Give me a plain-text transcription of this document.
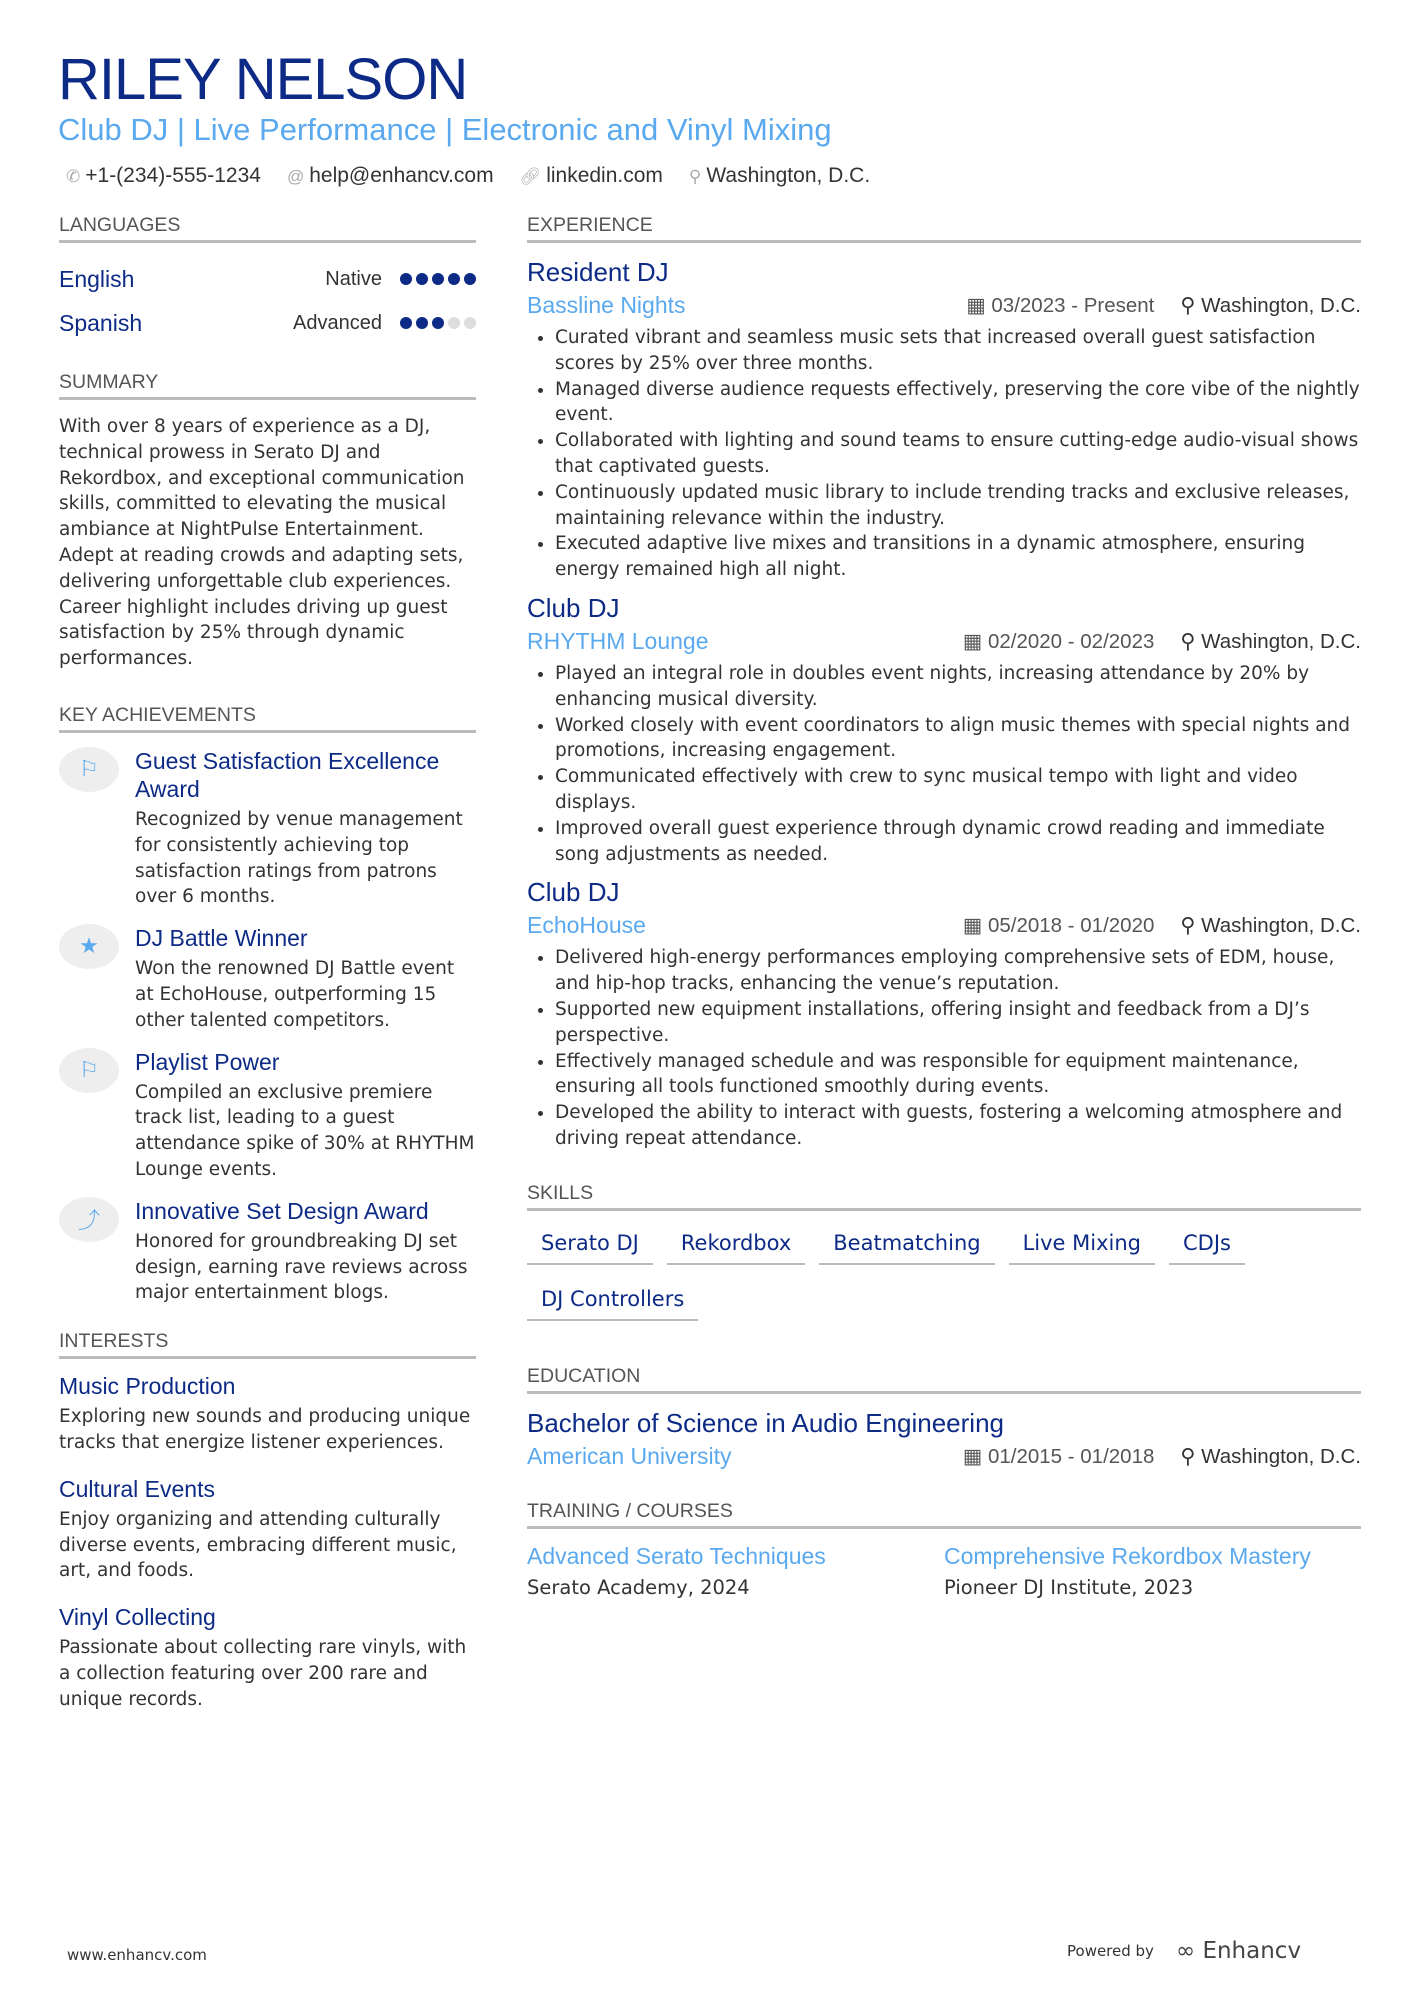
RILEY NELSON
Club DJ | Live Performance | Electronic and Vinyl Mixing
✆ +1-(234)-555-1234 @ help@enhancv.com 🔗︎ linkedin.com ⚲ Washington, D.C.
LANGUAGES
English	Native
Spanish	Advanced
SUMMARY

With over 8 years of experience as a DJ, technical prowess in Serato DJ and Rekordbox, and exceptional communication skills, committed to elevating the musical ambiance at NightPulse Entertainment. Adept at reading crowds and adapting sets, delivering unforgettable club experiences. Career highlight includes driving up guest satisfaction by 25% through dynamic performances.

KEY ACHIEVEMENTS
⚐	Guest Satisfaction Excellence Award

Recognized by venue management for consistently achieving top satisfaction ratings from patrons over 6 months.

★	DJ Battle Winner

Won the renowned DJ Battle event at EchoHouse, outperforming 15 other talented competitors.

⚐	Playlist Power

Compiled an exclusive premiere track list, leading to a guest attendance spike of 30% at RHYTHM Lounge events.

⤴	Innovative Set Design Award

Honored for groundbreaking DJ set design, earning rave reviews across major entertainment blogs.

INTERESTS
Music Production

Exploring new sounds and producing unique tracks that energize listener experiences.

Cultural Events

Enjoy organizing and attending culturally diverse events, embracing different music, art, and foods.

Vinyl Collecting

Passionate about collecting rare vinyls, with a collection featuring over 200 rare and unique records.

EXPERIENCE
Resident DJ
Bassline Nights	▦ 03/2023 - Present ⚲ Washington, D.C.
• Curated vibrant and seamless music sets that increased overall guest satisfaction scores by 25% over three months.
• Managed diverse audience requests effectively, preserving the core vibe of the nightly event.
• Collaborated with lighting and sound teams to ensure cutting-edge audio-visual shows that captivated guests.
• Continuously updated music library to include trending tracks and exclusive releases, maintaining relevance within the industry.
• Executed adaptive live mixes and transitions in a dynamic atmosphere, ensuring energy remained high all night.
Club DJ
RHYTHM Lounge	▦ 02/2020 - 02/2023 ⚲ Washington, D.C.
• Played an integral role in doubles event nights, increasing attendance by 20% by enhancing musical diversity.
• Worked closely with event coordinators to align music themes with special nights and promotions, increasing engagement.
• Communicated effectively with crew to sync musical tempo with light and video displays.
• Improved overall guest experience through dynamic crowd reading and immediate song adjustments as needed.
Club DJ
EchoHouse	▦ 05/2018 - 01/2020 ⚲ Washington, D.C.
• Delivered high-energy performances employing comprehensive sets of EDM, house, and hip-hop tracks, enhancing the venue’s reputation.
• Supported new equipment installations, offering insight and feedback from a DJ’s perspective.
• Effectively managed schedule and was responsible for equipment maintenance, ensuring all tools functioned smoothly during events.
• Developed the ability to interact with guests, fostering a welcoming atmosphere and driving repeat attendance.
SKILLS
Serato DJ	Rekordbox	Beatmatching	Live Mixing	CDJs
DJ Controllers
EDUCATION
Bachelor of Science in Audio Engineering
American University	▦ 01/2015 - 01/2018 ⚲ Washington, D.C.
TRAINING / COURSES
Advanced Serato Techniques
Serato Academy, 2024
Comprehensive Rekordbox Mastery
Pioneer DJ Institute, 2023
www.enhancv.com	Powered by ∞ Enhancv
